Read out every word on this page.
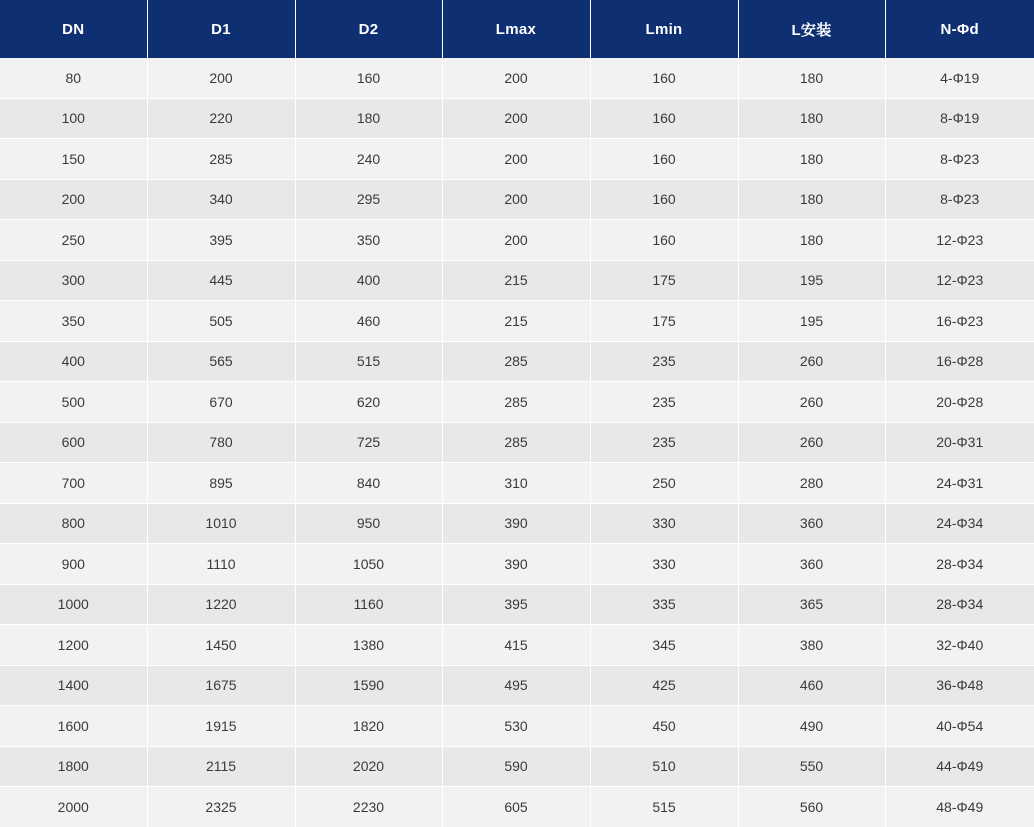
DN	D1	D2	Lmax	Lmin	L安装	N-Φd
80	200	160	200	160	180	4-Φ19
100	220	180	200	160	180	8-Φ19
150	285	240	200	160	180	8-Φ23
200	340	295	200	160	180	8-Φ23
250	395	350	200	160	180	12-Φ23
300	445	400	215	175	195	12-Φ23
350	505	460	215	175	195	16-Φ23
400	565	515	285	235	260	16-Φ28
500	670	620	285	235	260	20-Φ28
600	780	725	285	235	260	20-Φ31
700	895	840	310	250	280	24-Φ31
800	1010	950	390	330	360	24-Φ34
900	1110	1050	390	330	360	28-Φ34
1000	1220	1160	395	335	365	28-Φ34
1200	1450	1380	415	345	380	32-Φ40
1400	1675	1590	495	425	460	36-Φ48
1600	1915	1820	530	450	490	40-Φ54
1800	2115	2020	590	510	550	44-Φ49
2000	2325	2230	605	515	560	48-Φ49
